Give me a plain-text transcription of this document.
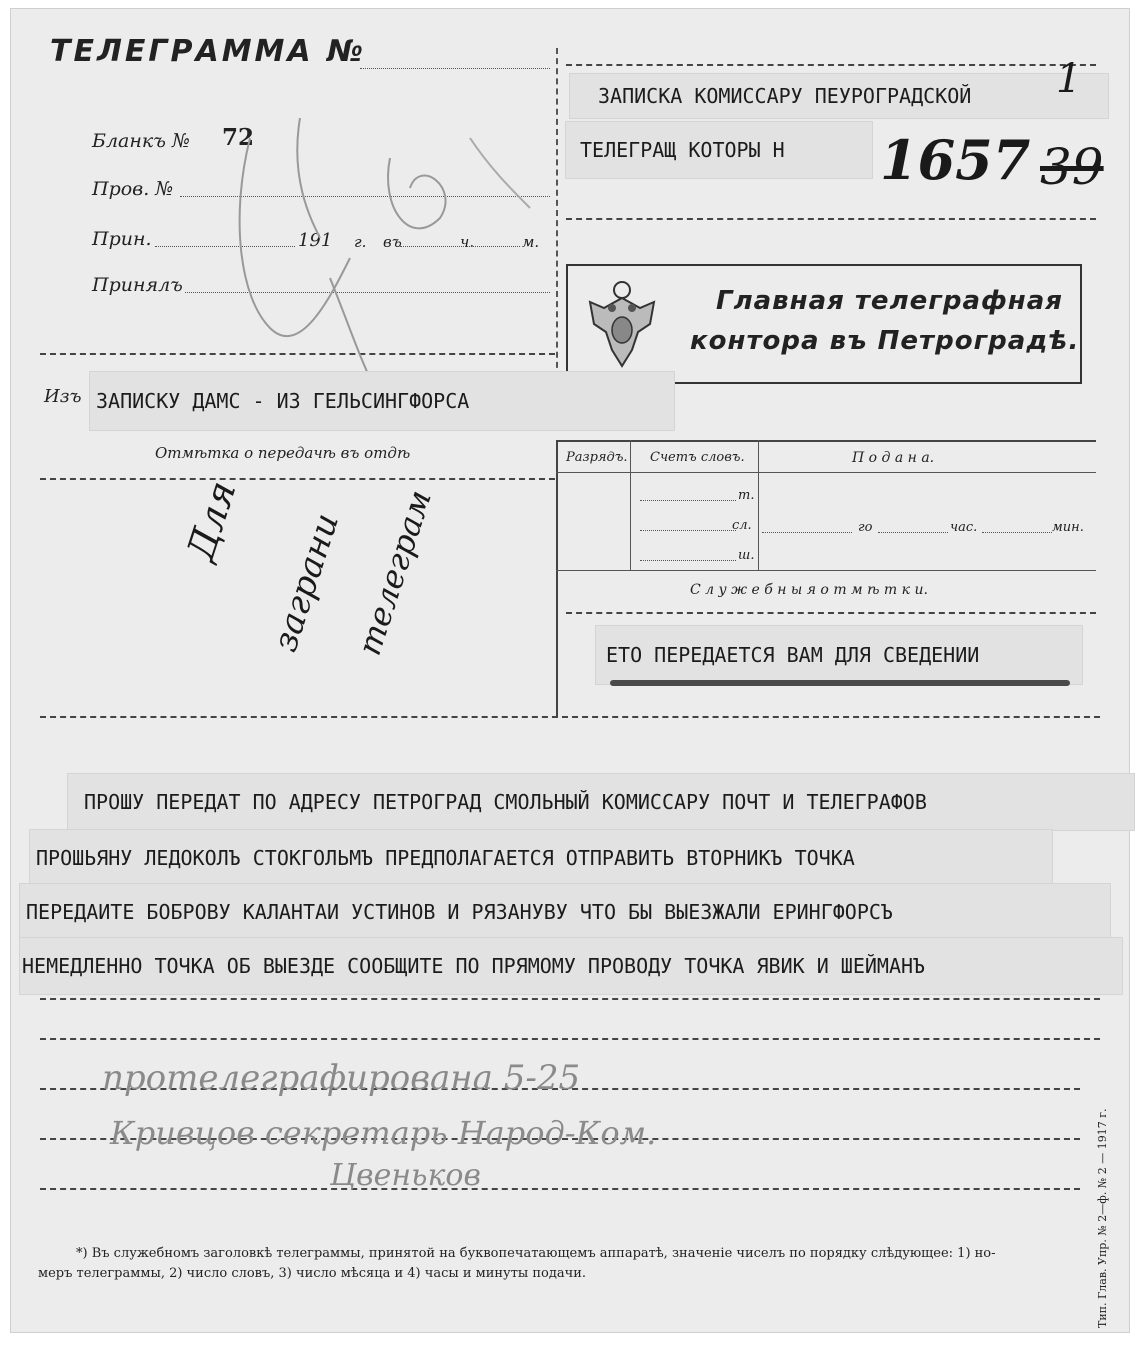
ТЕЛЕГРАММА №
Бланкъ № 72
Пров. №
Прин.	191 г. въ	ч.	м.
Принялъ
ЗАПИСКА КОМИССАРУ ПЕУРОГРАДСКОЙ
ТЕЛЕГРАЩ КОТОРЫ Н	1657 39
1
Главная телеграфная
контора въ Петроградѣ.
Изъ ЗАПИСКУ ДАМС - ИЗ ГЕЛЬСИНГФОРСА
Отмѣтка о передачѣ въ отдѣ
Для заграни телеграм
Разрядъ. Счетъ словъ.	П о д а н а.
т.
сл.
ш.
го	час.	мин.
С л у ж е б н ы я о т м ѣ т к и.
ЕТО ПЕРЕДАЕТСЯ ВАМ ДЛЯ СВЕДЕНИИ
ПРОШУ ПЕРЕДАТ ПО АДРЕСУ ПЕТРОГРАД СМОЛЬНЫЙ КОМИССАРУ ПОЧТ И ТЕЛЕГРАФОВ
ПРОШЬЯНУ ЛЕДОКОЛЪ СТОКГОЛЬМЪ ПРЕДПОЛАГАЕТСЯ ОТПРАВИТЬ ВТОРНИКЪ ТОЧКА
ПЕРЕДАИТЕ БОБРОВУ КАЛАНТАИ УСТИНОВ И РЯЗАНУВУ ЧТО БЫ ВЫЕЗЖАЛИ ЕРИНГФОРСЪ
НЕМЕДЛЕННО ТОЧКА ОБ ВЫЕЗДЕ СООБЩИТЕ ПО ПРЯМОМУ ПРОВОДУ ТОЧКА ЯВИК И ШЕЙМАНЪ
протелеграфирована 5-25
Кривцов секретарь Народ-Ком.
Цвеньков
*) Въ служебномъ заголовкѣ телеграммы, принятой на буквопечатающемъ аппаратѣ, значеніе чиселъ по порядку слѣдующее: 1) но-
меръ телеграммы, 2) число словъ, 3) число мѣсяца и 4) часы и минуты подачи.	Тип. Глав. Упр. № 2—ф. № 2 — 1917 г.
